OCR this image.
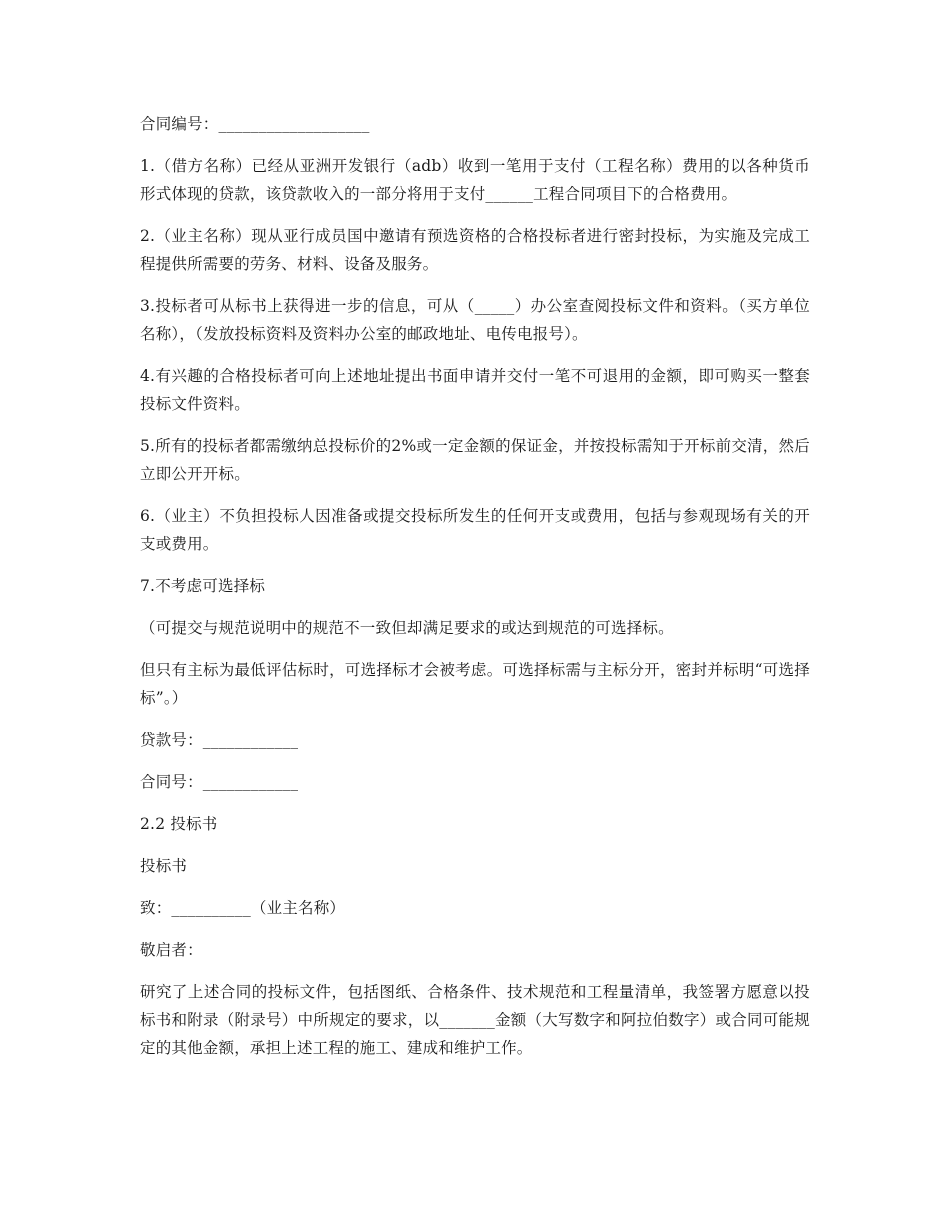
合同编号：___________________

1.（借方名称）已经从亚洲开发银行（adb）收到一笔用于支付（工程名称）费用的以各种货币形式体现的贷款，该贷款收入的一部分将用于支付______工程合同项目下的合格费用。

2.（业主名称）现从亚行成员国中邀请有预选资格的合格投标者进行密封投标，为实施及完成工程提供所需要的劳务、材料、设备及服务。

3.投标者可从标书上获得进一步的信息，可从（_____）办公室查阅投标文件和资料。（买方单位名称），（发放投标资料及资料办公室的邮政地址、电传电报号）。

4.有兴趣的合格投标者可向上述地址提出书面申请并交付一笔不可退用的金额，即可购买一整套投标文件资料。

5.所有的投标者都需缴纳总投标价的2%或一定金额的保证金，并按投标需知于开标前交清，然后立即公开开标。

6.（业主）不负担投标人因准备或提交投标所发生的任何开支或费用，包括与参观现场有关的开支或费用。

7.不考虑可选择标

（可提交与规范说明中的规范不一致但却满足要求的或达到规范的可选择标。

但只有主标为最低评估标时，可选择标才会被考虑。可选择标需与主标分开，密封并标明“可选择标”。）

贷款号：____________

合同号：____________

2.2 投标书

投标书

致：__________（业主名称）

敬启者：

研究了上述合同的投标文件，包括图纸、合格条件、技术规范和工程量清单，我签署方愿意以投标书和附录（附录号）中所规定的要求，以_______金额（大写数字和阿拉伯数字）或合同可能规定的其他金额，承担上述工程的施工、建成和维护工作。
